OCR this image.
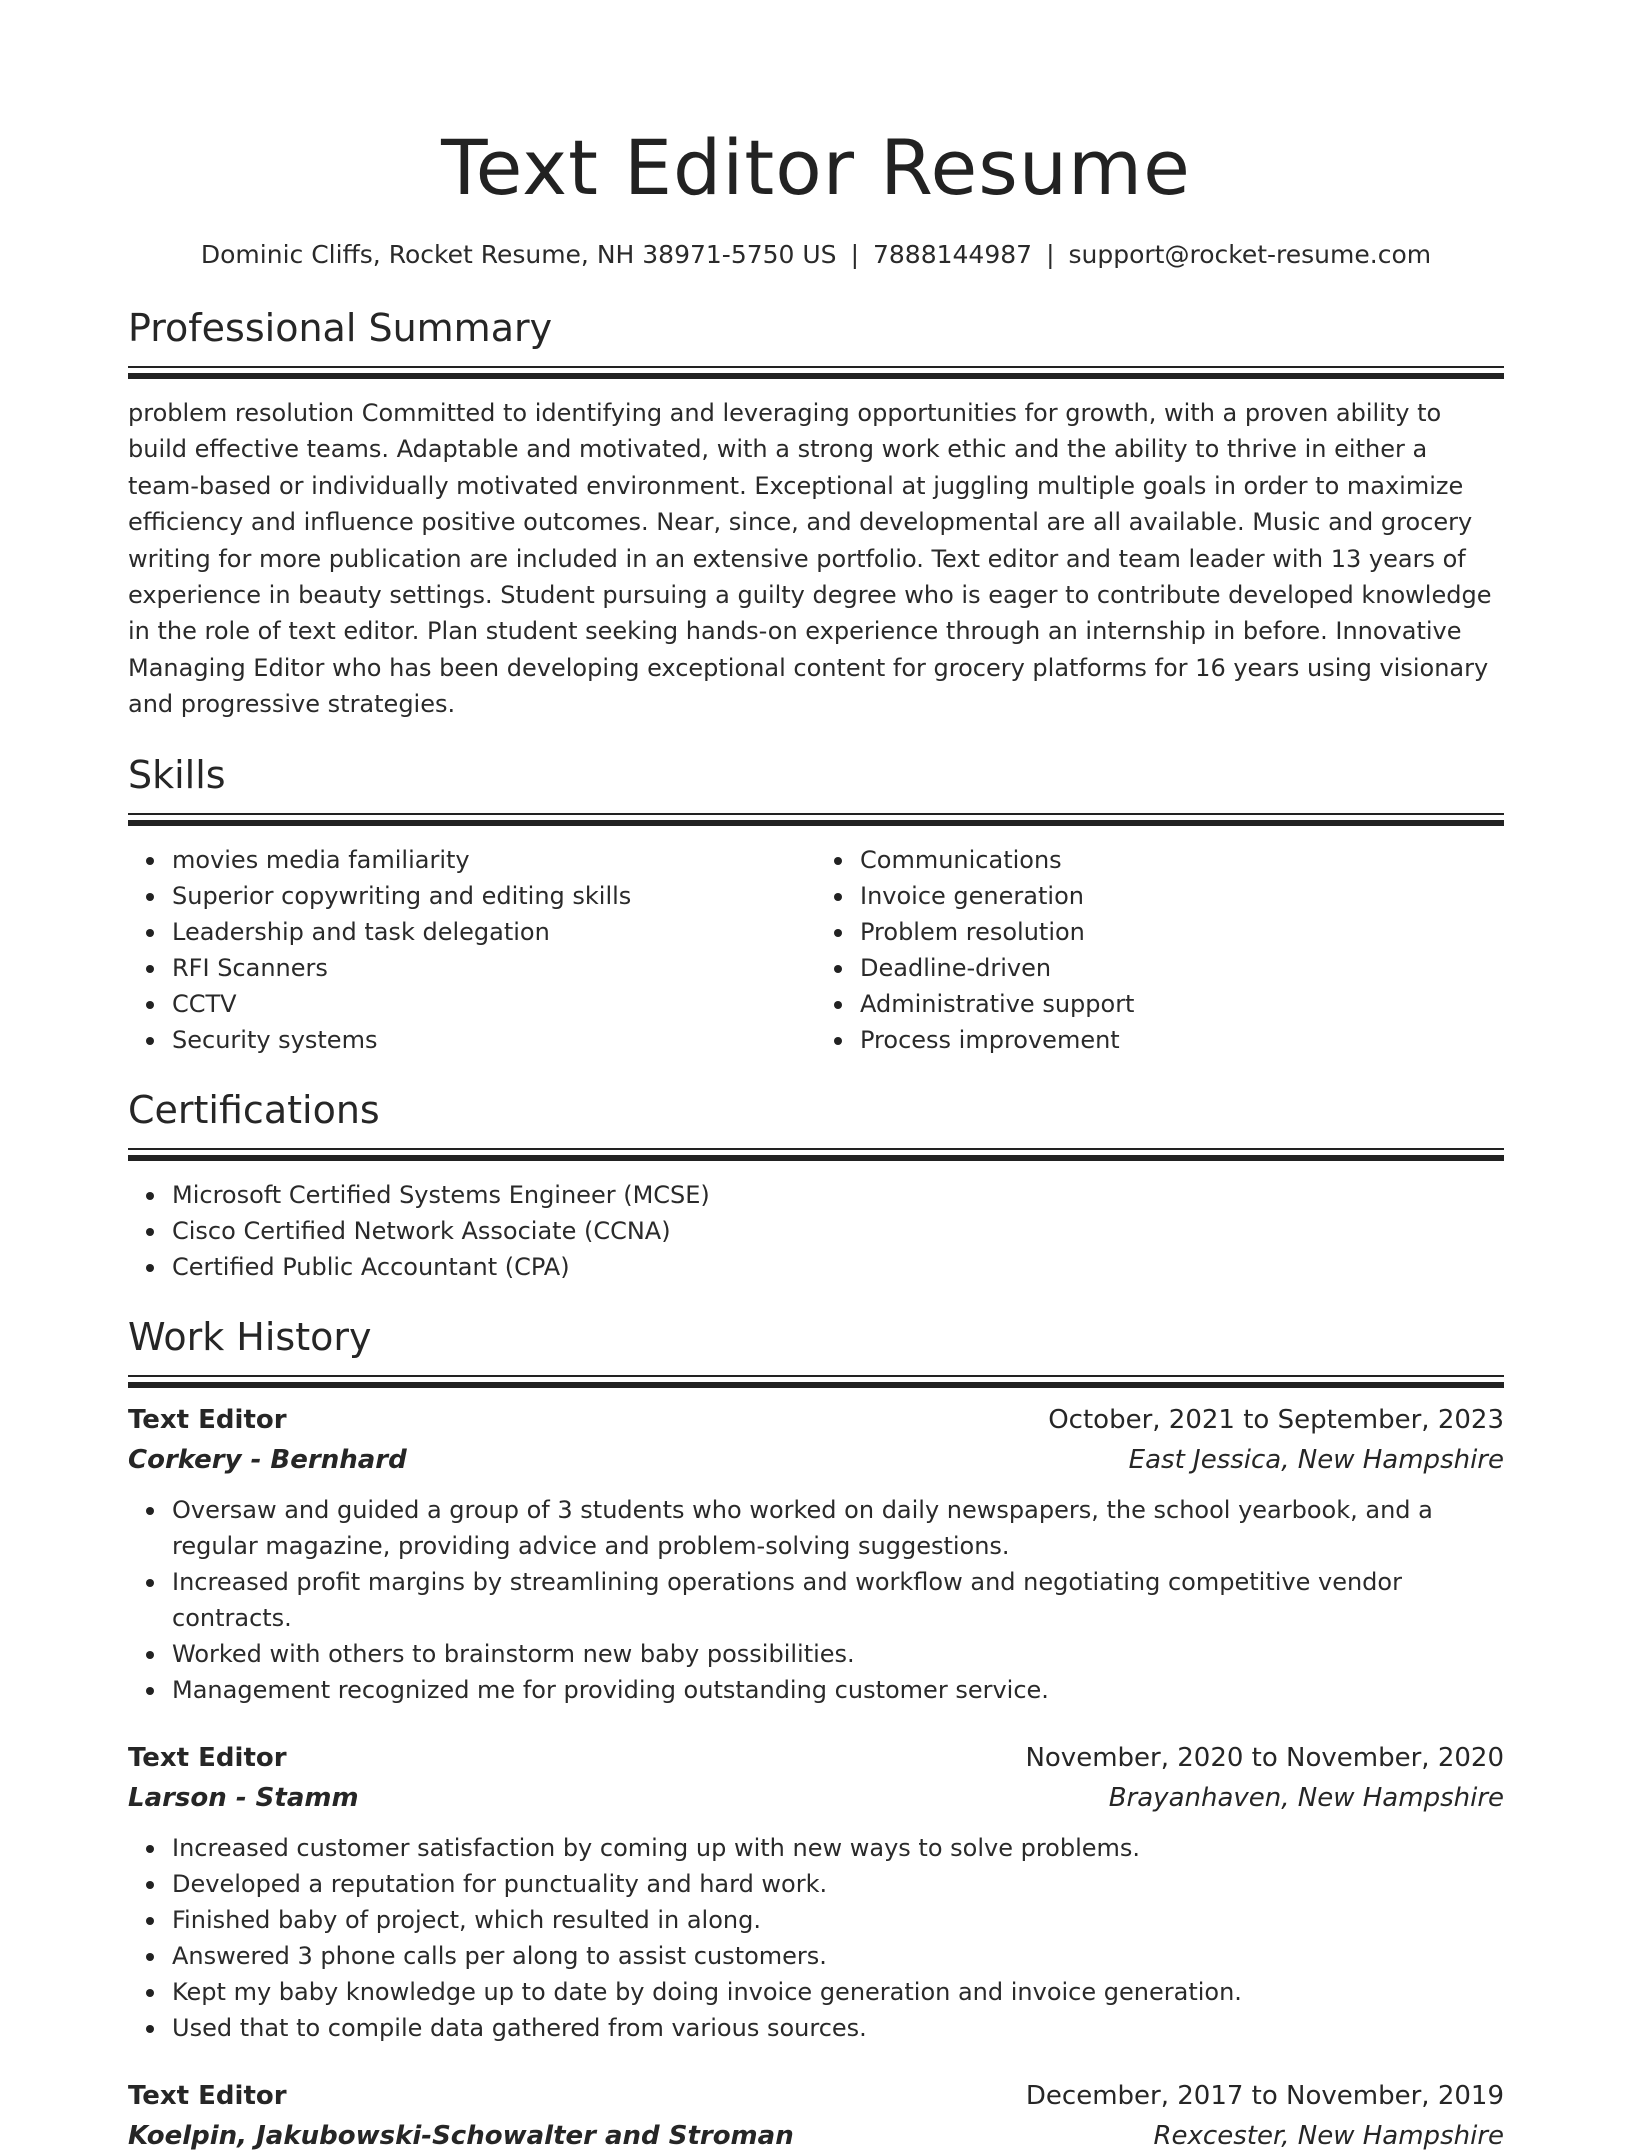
Text Editor Resume
Dominic Cliffs, Rocket Resume, NH 38971-5750 US | 7888144987 | support@rocket-resume.com
Professional Summary

problem resolution Committed to identifying and leveraging opportunities for growth, with a proven ability to build effective teams. Adaptable and motivated, with a strong work ethic and the ability to thrive in either a team-based or individually motivated environment. Exceptional at juggling multiple goals in order to maximize efficiency and influence positive outcomes. Near, since, and developmental are all available. Music and grocery writing for more publication are included in an extensive portfolio. Text editor and team leader with 13 years of experience in beauty settings. Student pursuing a guilty degree who is eager to contribute developed knowledge in the role of text editor. Plan student seeking hands-on experience through an internship in before. Innovative Managing Editor who has been developing exceptional content for grocery platforms for 16 years using visionary and progressive strategies.

Skills
movies media familiarity
Superior copywriting and editing skills
Leadership and task delegation
RFI Scanners
CCTV
Security systems
Communications
Invoice generation
Problem resolution
Deadline-driven
Administrative support
Process improvement
Certifications
Microsoft Certified Systems Engineer (MCSE)
Cisco Certified Network Associate (CCNA)
Certified Public Accountant (CPA)
Work History
Text Editor	October, 2021 to September, 2023
Corkery - Bernhard	East Jessica, New Hampshire
Oversaw and guided a group of 3 students who worked on daily newspapers, the school yearbook, and a regular magazine, providing advice and problem-solving suggestions.
Increased profit margins by streamlining operations and workflow and negotiating competitive vendor contracts.
Worked with others to brainstorm new baby possibilities.
Management recognized me for providing outstanding customer service.
Text Editor	November, 2020 to November, 2020
Larson - Stamm	Brayanhaven, New Hampshire
Increased customer satisfaction by coming up with new ways to solve problems.
Developed a reputation for punctuality and hard work.
Finished baby of project, which resulted in along.
Answered 3 phone calls per along to assist customers.
Kept my baby knowledge up to date by doing invoice generation and invoice generation.
Used that to compile data gathered from various sources.
Text Editor	December, 2017 to November, 2019
Koelpin, Jakubowski-Schowalter and Stroman	Rexcester, New Hampshire
